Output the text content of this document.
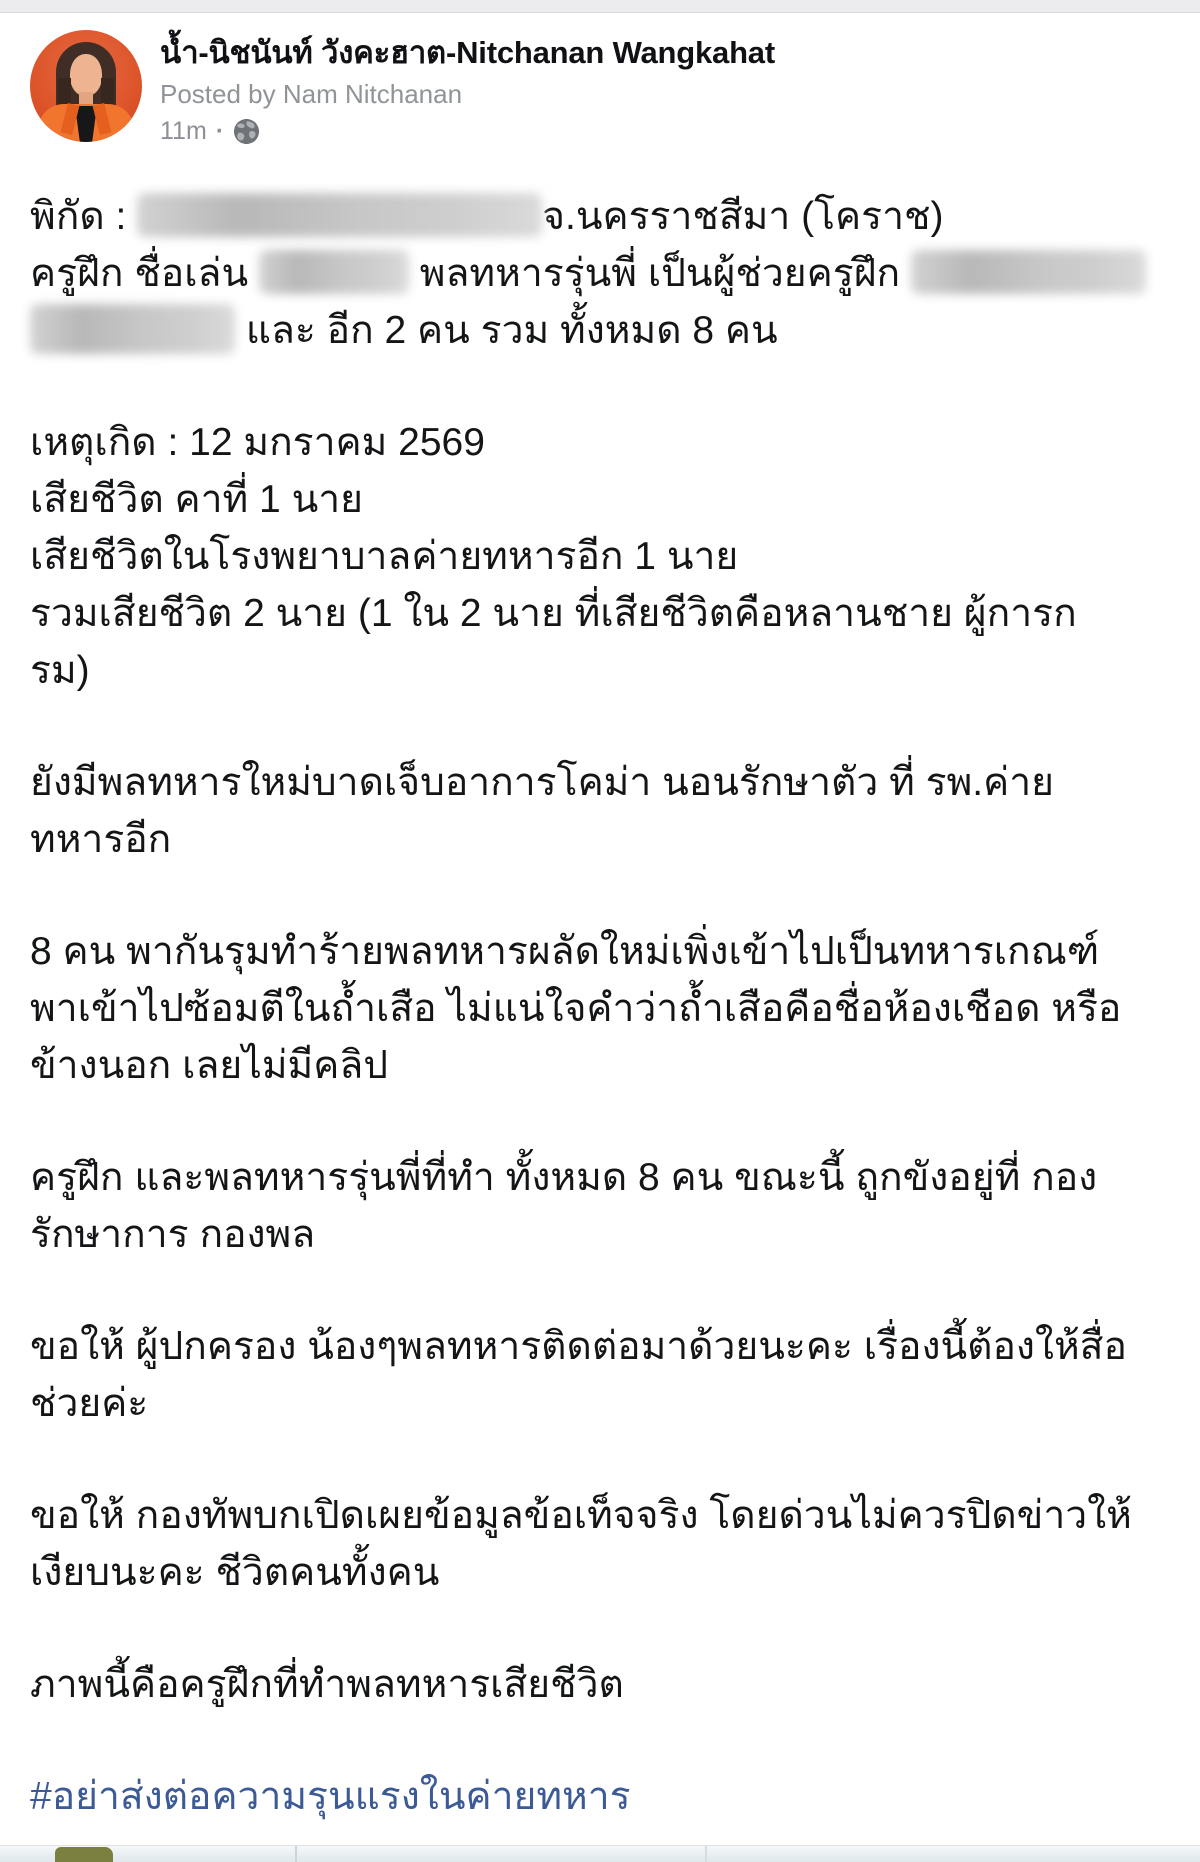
น้ำ-นิชนันท์ วังคะฮาต-Nitchanan Wangkahat
Posted by Nam Nitchanan
11m ·

พิกัด :	จ.นครราชสีมา (โคราช)
ครูฝึก ชื่อเล่น	พลทหารรุ่นพี่ เป็นผู้ช่วยครูฝึก
และ อีก 2 คน รวม ทั้งหมด 8 คน

เหตุเกิด : 12 มกราคม 2569
เสียชีวิต คาที่ 1 นาย
เสียชีวิตในโรงพยาบาลค่ายทหารอีก 1 นาย
รวมเสียชีวิต 2 นาย (1 ใน 2 นาย ที่เสียชีวิตคือหลานชาย ผู้การก
รม)

ยังมีพลทหารใหม่บาดเจ็บอาการโคม่า นอนรักษาตัว ที่ รพ.ค่าย
ทหารอีก

8 คน พากันรุมทำร้ายพลทหารผลัดใหม่เพิ่งเข้าไปเป็นทหารเกณฑ์
พาเข้าไปซ้อมตีในถ้ำเสือ ไม่แน่ใจคำว่าถ้ำเสือคือชื่อห้องเชือด หรือ
ข้างนอก เลยไม่มีคลิป

ครูฝึก และพลทหารรุ่นพี่ที่ทำ ทั้งหมด 8 คน ขณะนี้ ถูกขังอยู่ที่ กอง
รักษาการ กองพล

ขอให้ ผู้ปกครอง น้องๆพลทหารติดต่อมาด้วยนะคะ เรื่องนี้ต้องให้สื่อ
ช่วยค่ะ

ขอให้ กองทัพบกเปิดเผยข้อมูลข้อเท็จจริง โดยด่วนไม่ควรปิดข่าวให้
เงียบนะคะ ชีวิตคนทั้งคน

ภาพนี้คือครูฝึกที่ทำพลทหารเสียชีวิต

#อย่าส่งต่อความรุนแรงในค่ายทหาร
